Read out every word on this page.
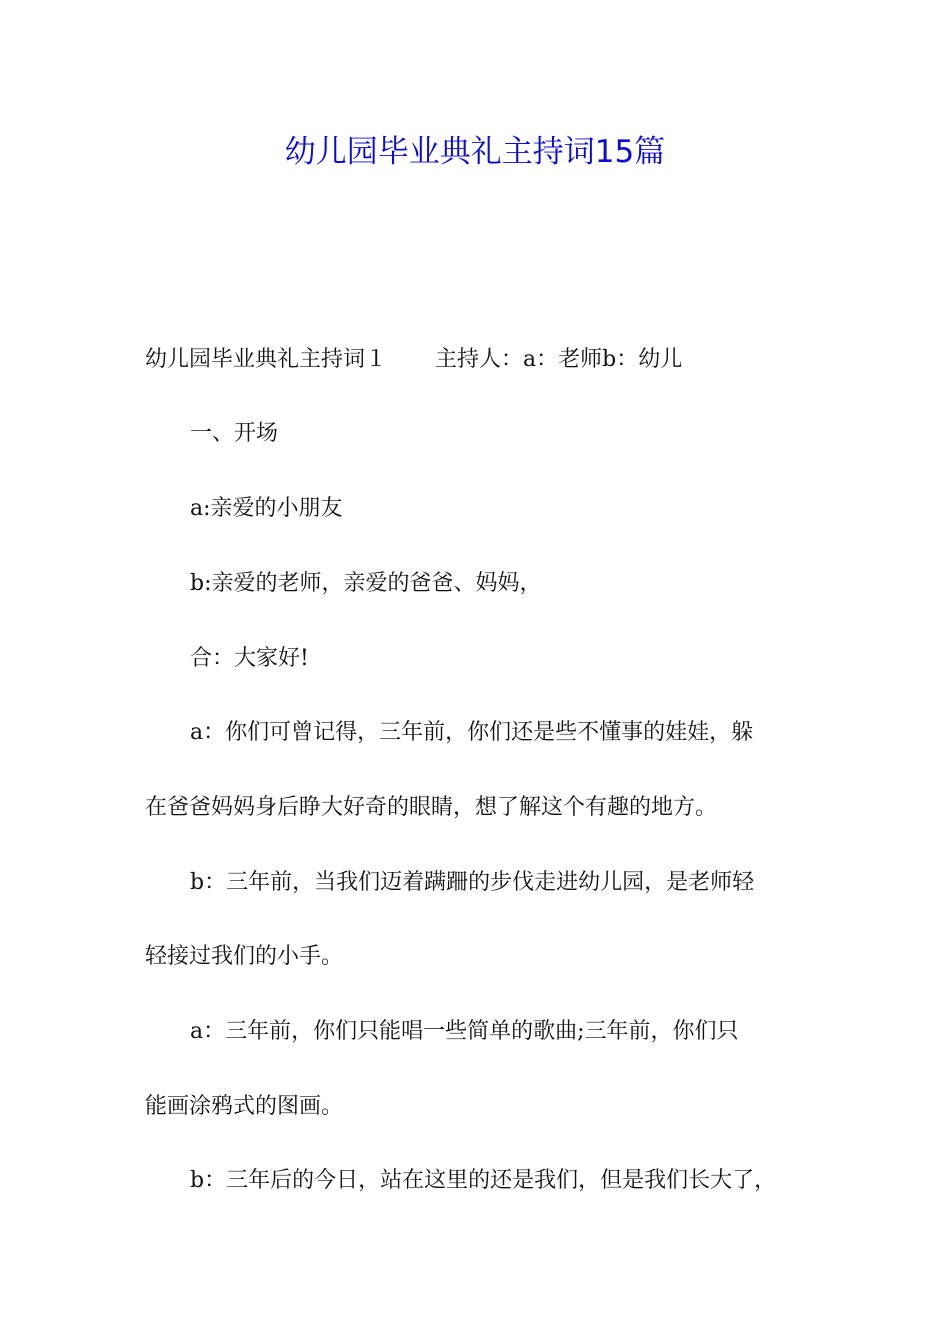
幼儿园毕业典礼主持词15篇
幼儿园毕业典礼主持词１ 主持人：a：老师b：幼儿
一、开场
a:亲爱的小朋友
b:亲爱的老师，亲爱的爸爸、妈妈，
合：大家好!
a：你们可曾记得，三年前，你们还是些不懂事的娃娃，躲
在爸爸妈妈身后睁大好奇的眼睛，想了解这个有趣的地方。
b：三年前，当我们迈着蹒跚的步伐走进幼儿园，是老师轻
轻接过我们的小手。
a：三年前，你们只能唱一些简单的歌曲;三年前，你们只
能画涂鸦式的图画。
b：三年后的今日，站在这里的还是我们，但是我们长大了，
